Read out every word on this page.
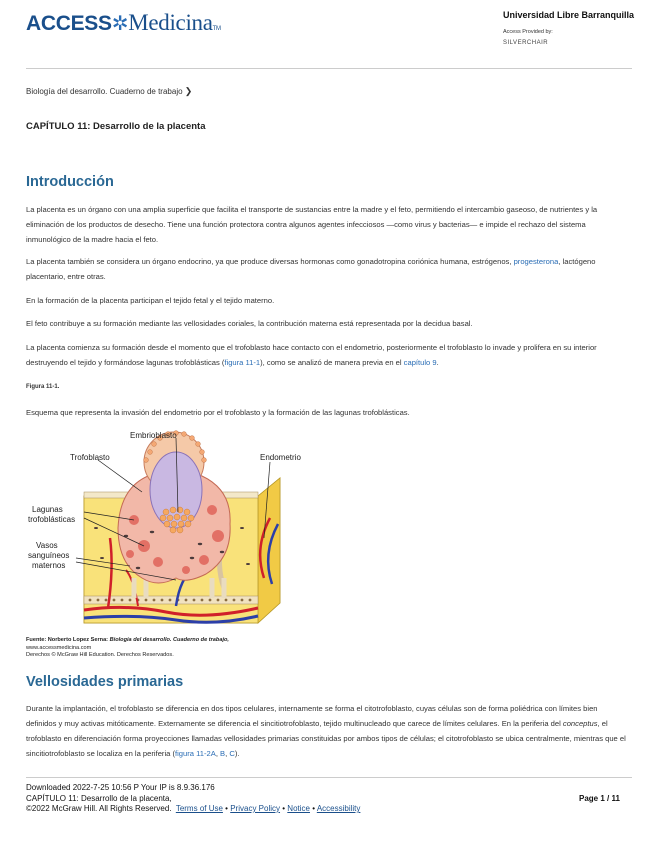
ACCESS✲MedicinaTM
Universidad Libre Barranquilla
Access Provided by:
SILVERCHAIR
Biología del desarrollo. Cuaderno de trabajo ❯
CAPÍTULO 11: Desarrollo de la placenta
Introducción

La placenta es un órgano con una amplia superficie que facilita el transporte de sustancias entre la madre y el feto, permitiendo el intercambio gaseoso, de nutrientes y la eliminación de los productos de desecho. Tiene una función protectora contra algunos agentes infecciosos —como virus y bacterias— e impide el rechazo del sistema inmunológico de la madre hacia el feto.

La placenta también se considera un órgano endocrino, ya que produce diversas hormonas como gonadotropina coriónica humana, estrógenos, progesterona, lactógeno placentario, entre otras.

En la formación de la placenta participan el tejido fetal y el tejido materno.

El feto contribuye a su formación mediante las vellosidades coriales, la contribución materna está representada por la decidua basal.

La placenta comienza su formación desde el momento que el trofoblasto hace contacto con el endometrio, posteriormente el trofoblasto lo invade y prolifera en su interior destruyendo el tejido y formándose lagunas trofoblásticas (figura 11-1), como se analizó de manera previa en el capítulo 9.

Figura 11-1.
Esquema que representa la invasión del endometrio por el trofoblasto y la formación de las lagunas trofoblásticas.
Embrioblasto
Trofoblasto	Endometrio
Lagunas
trofoblásticas
Vasos
sanguíneos
maternos
Fuente: Norberto Lopez Serna: Biología del desarrollo. Cuaderno de trabajo,
www.accessmedicina.com
Derechos © McGraw Hill Education. Derechos Reservados.
Vellosidades primarias

Durante la implantación, el trofoblasto se diferencia en dos tipos celulares, internamente se forma el citotrofoblasto, cuyas células son de forma poliédrica con límites bien definidos y muy activas mitóticamente. Externamente se diferencia el sincitiotrofoblasto, tejido multinucleado que carece de límites celulares. En la periferia del conceptus, el trofoblasto en diferenciación forma proyecciones llamadas vellosidades primarias constituidas por ambos tipos de células; el citotrofoblasto se ubica centralmente, mientras que el sincitiotrofoblasto se localiza en la periferia (figura 11-2A, B, C).

Downloaded 2022-7-25 10:56 P Your IP is 8.9.36.176
CAPÍTULO 11: Desarrollo de la placenta,
©2022 McGraw Hill. All Rights Reserved. Terms of Use • Privacy Policy • Notice • Accessibility
Page 1 / 11
